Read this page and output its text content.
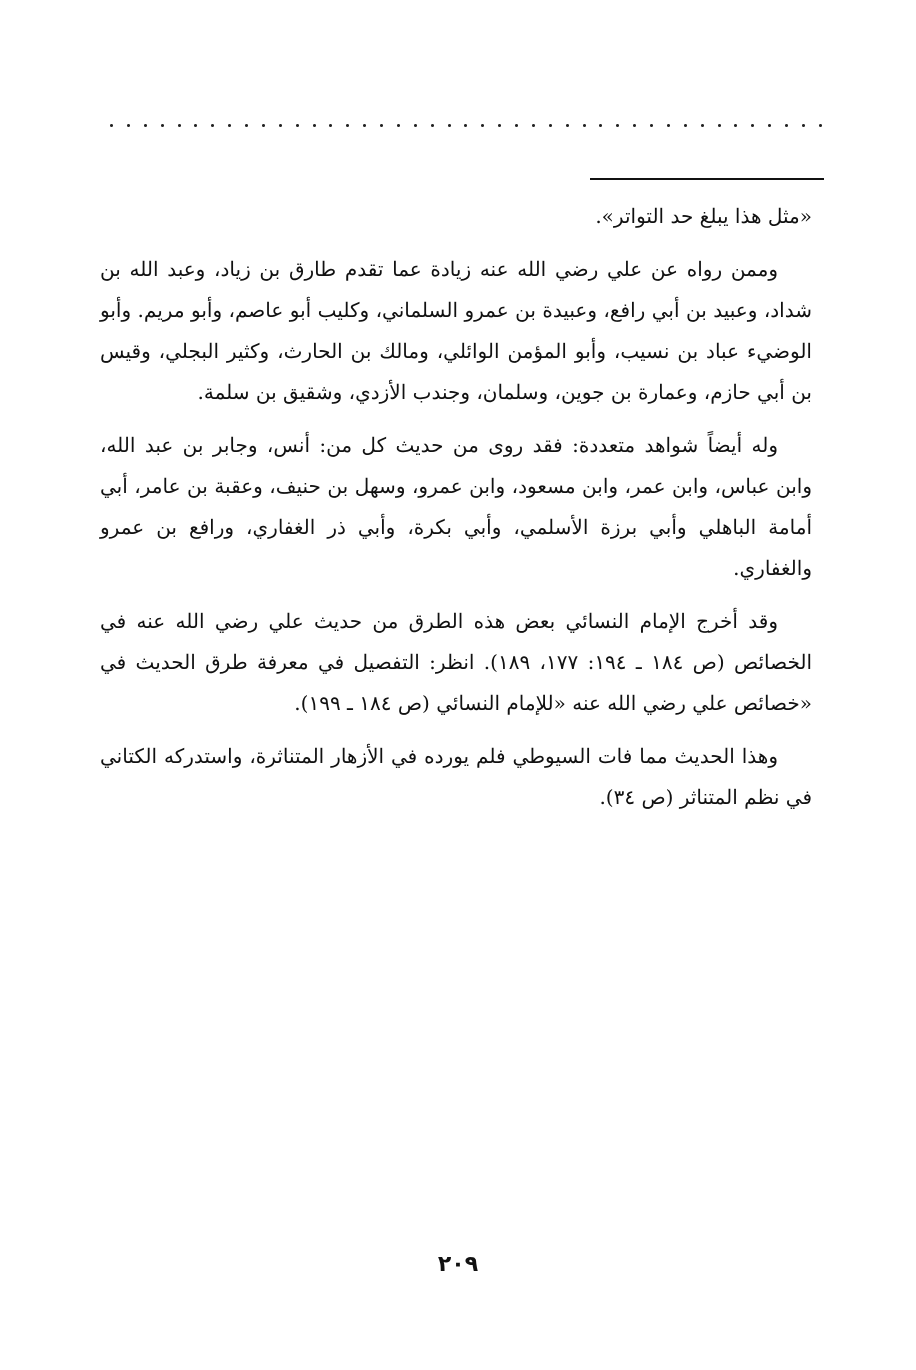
«مثل هذا يبلغ حد التواتر».

وممن رواه عن علي رضي الله عنه زيادة عما تقدم طارق بن زياد، وعبد الله بن شداد، وعبيد بن أبي رافع، وعبيدة بن عمرو السلماني، وكليب أبو عاصم، وأبو مريم. وأبو الوضيء عباد بن نسيب، وأبو المؤمن الوائلي، ومالك بن الحارث، وكثير البجلي، وقيس بن أبي حازم، وعمارة بن جوين، وسلمان، وجندب الأزدي، وشقيق بن سلمة.

وله أيضاً شواهد متعددة: فقد روى من حديث كل من: أنس، وجابر بن عبد الله، وابن عباس، وابن عمر، وابن مسعود، وابن عمرو، وسهل بن حنيف، وعقبة بن عامر، أبي أمامة الباهلي وأبي برزة الأسلمي، وأبي بكرة، وأبي ذر الغفاري، ورافع بن عمرو والغفاري.

وقد أخرج الإمام النسائي بعض هذه الطرق من حديث علي رضي الله عنه في الخصائص (ص ١٨٤ ـ ١٩٤: ١٧٧، ١٨٩). انظر: التفصيل في معرفة طرق الحديث في «خصائص علي رضي الله عنه «للإمام النسائي (ص ١٨٤ ـ ١٩٩).

وهذا الحديث مما فات السيوطي فلم يورده في الأزهار المتناثرة، واستدركه الكتاني في نظم المتناثر (ص ٣٤).

٢٠٩
